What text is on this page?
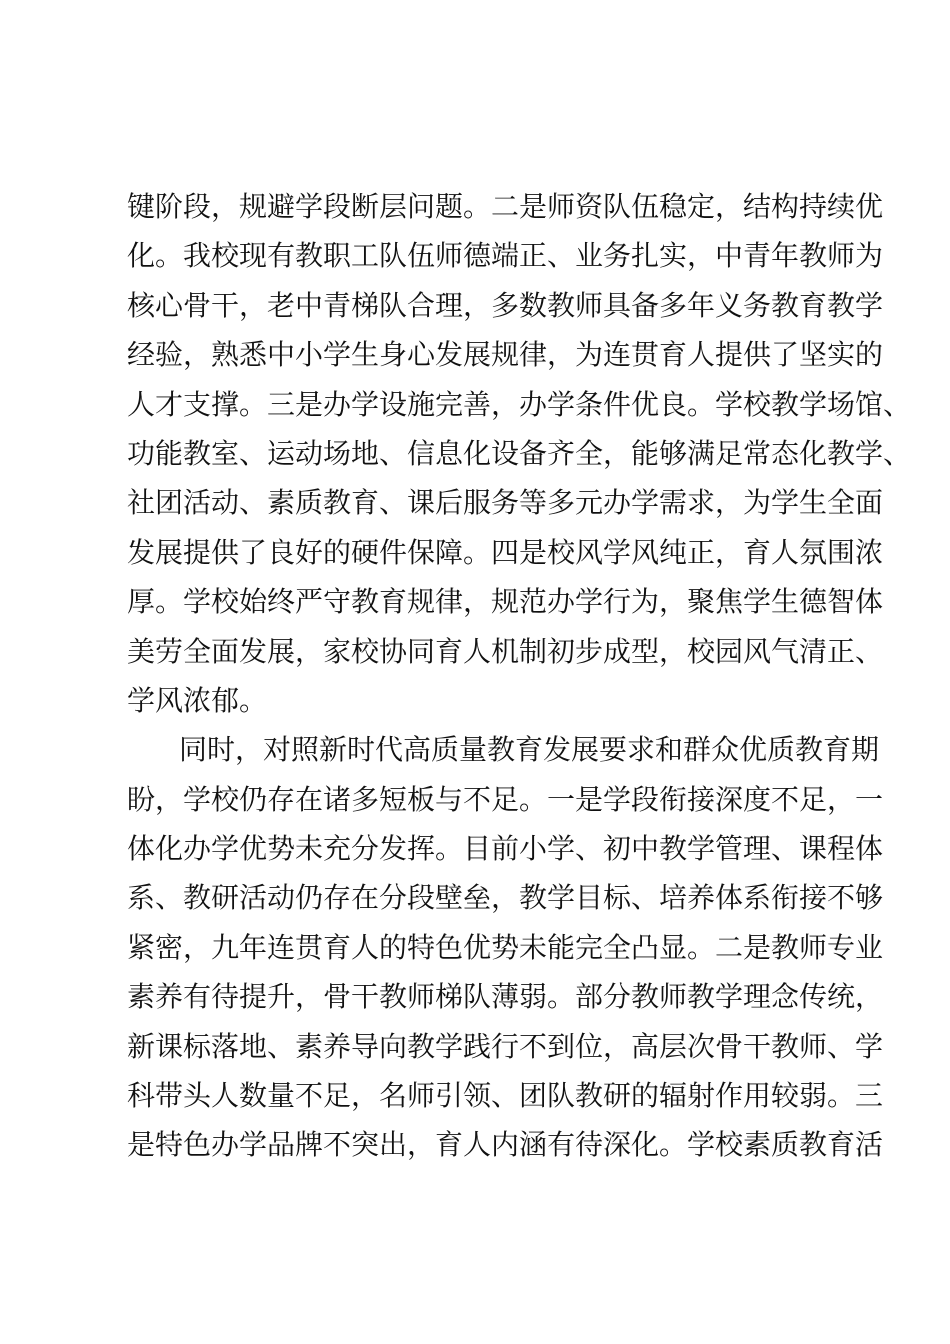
键阶段，规避学段断层问题。二是师资队伍稳定，结构持续优
化。我校现有教职工队伍师德端正、业务扎实，中青年教师为
核心骨干，老中青梯队合理，多数教师具备多年义务教育教学
经验，熟悉中小学生身心发展规律，为连贯育人提供了坚实的
人才支撑。三是办学设施完善，办学条件优良。学校教学场馆、
功能教室、运动场地、信息化设备齐全，能够满足常态化教学、
社团活动、素质教育、课后服务等多元办学需求，为学生全面
发展提供了良好的硬件保障。四是校风学风纯正，育人氛围浓
厚。学校始终严守教育规律，规范办学行为，聚焦学生德智体
美劳全面发展，家校协同育人机制初步成型，校园风气清正、
学风浓郁。
同时，对照新时代高质量教育发展要求和群众优质教育期
盼，学校仍存在诸多短板与不足。一是学段衔接深度不足，一
体化办学优势未充分发挥。目前小学、初中教学管理、课程体
系、教研活动仍存在分段壁垒，教学目标、培养体系衔接不够
紧密，九年连贯育人的特色优势未能完全凸显。二是教师专业
素养有待提升，骨干教师梯队薄弱。部分教师教学理念传统，
新课标落地、素养导向教学践行不到位，高层次骨干教师、学
科带头人数量不足，名师引领、团队教研的辐射作用较弱。三
是特色办学品牌不突出，育人内涵有待深化。学校素质教育活
